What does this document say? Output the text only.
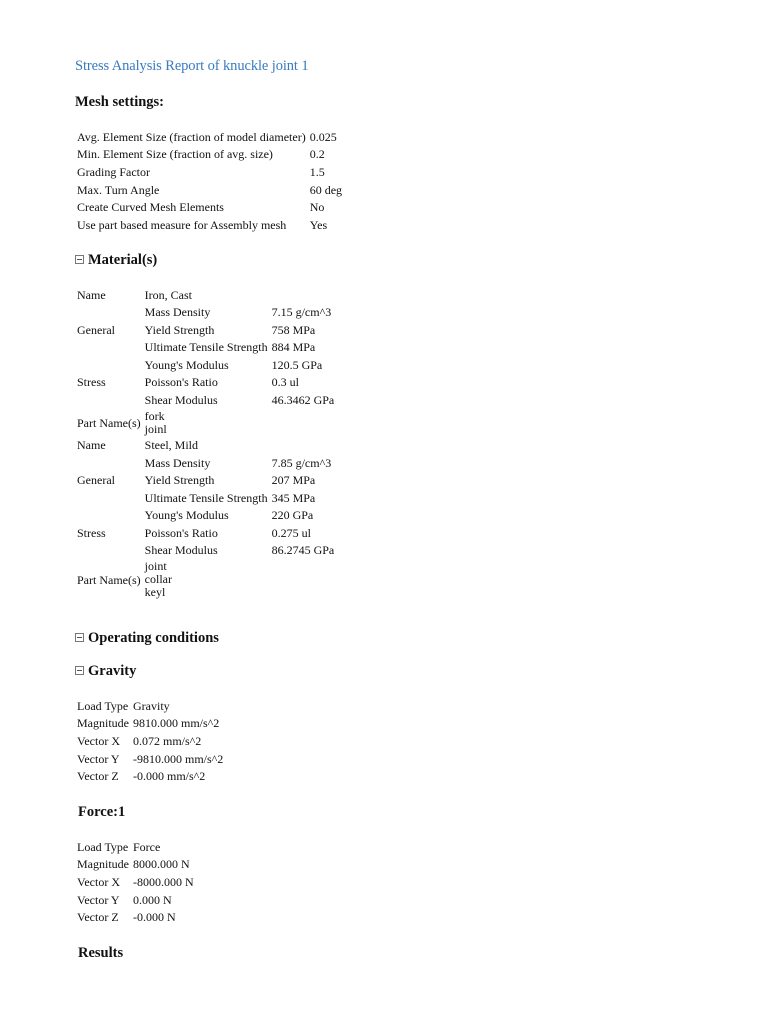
Stress Analysis Report of knuckle joint 1
Mesh settings:
Avg. Element Size (fraction of model diameter)	0.025
Min. Element Size (fraction of avg. size)	0.2
Grading Factor	1.5
Max. Turn Angle	60 deg
Create Curved Mesh Elements	No
Use part based measure for Assembly mesh	Yes
Material(s)
Name	Iron, Cast	
	Mass Density	7.15 g/cm^3
General	Yield Strength	758 MPa
	Ultimate Tensile Strength	884 MPa
	Young's Modulus	120.5 GPa
Stress	Poisson's Ratio	0.3 ul
	Shear Modulus	46.3462 GPa
Part Name(s)	fork
joinl	

Name	Steel, Mild	
	Mass Density	7.85 g/cm^3
General	Yield Strength	207 MPa
	Ultimate Tensile Strength	345 MPa
	Young's Modulus	220 GPa
Stress	Poisson's Ratio	0.275 ul
	Shear Modulus	86.2745 GPa
Part Name(s)	joint
collar
keyl	
Operating conditions
Gravity
Load Type	Gravity
Magnitude	9810.000 mm/s^2
Vector X	0.072 mm/s^2
Vector Y	-9810.000 mm/s^2
Vector Z	-0.000 mm/s^2
Force:1
Load Type	Force
Magnitude	8000.000 N
Vector X	-8000.000 N
Vector Y	0.000 N
Vector Z	-0.000 N
Results
